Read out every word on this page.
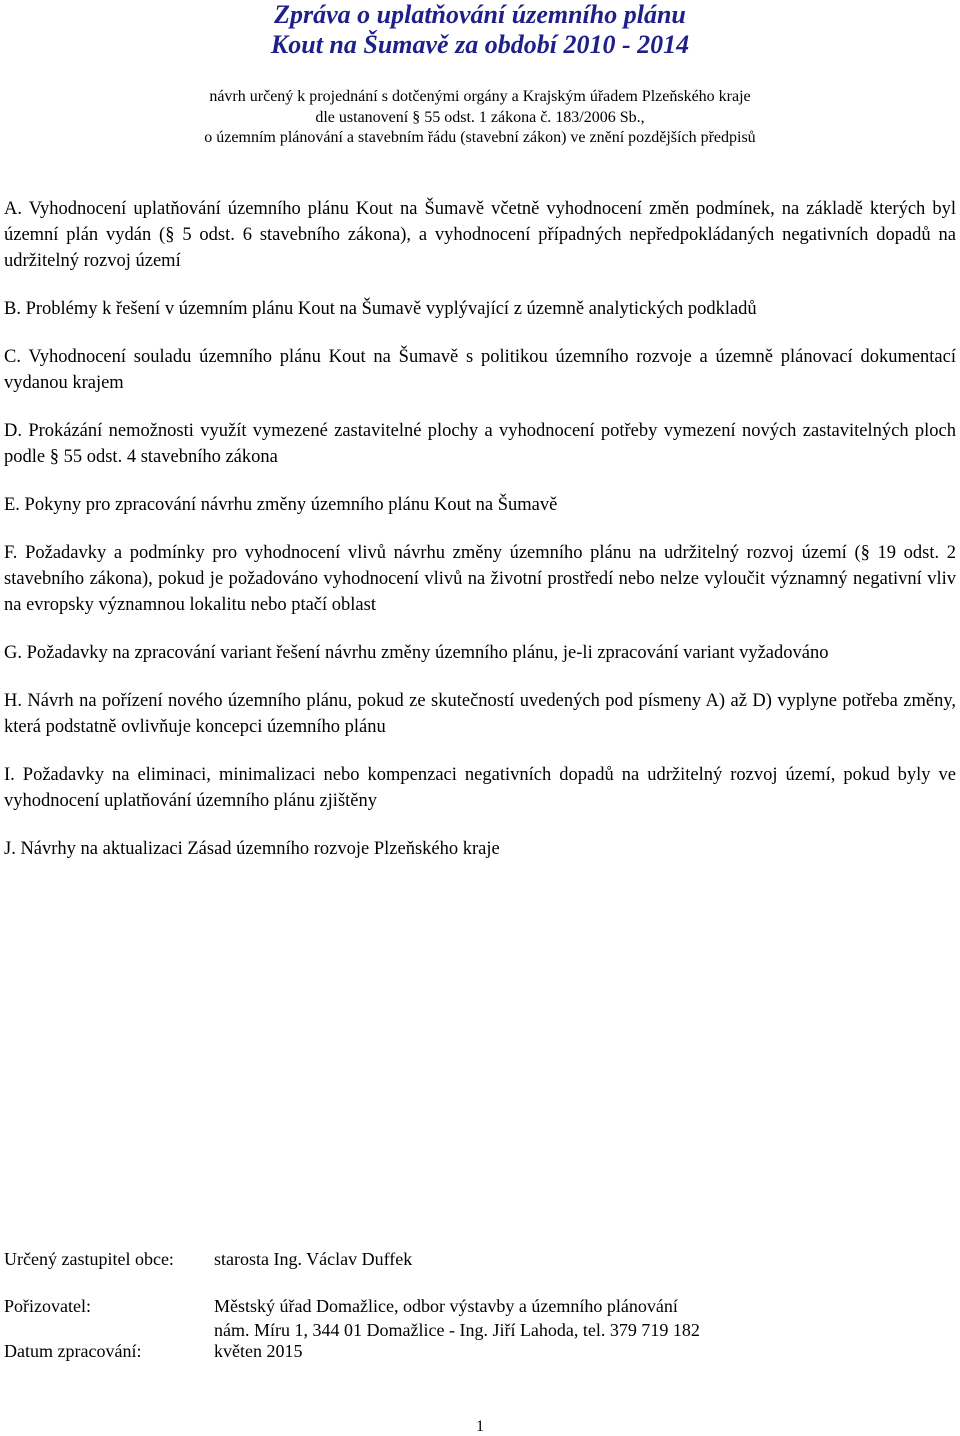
Zpráva o uplatňování územního plánu
Kout na Šumavě za období 2010 - 2014
návrh určený k projednání s dotčenými orgány a Krajským úřadem Plzeňského kraje
dle ustanovení § 55 odst. 1 zákona č. 183/2006 Sb.,
o územním plánování a stavebním řádu (stavební zákon) ve znění pozdějších předpisů

A. Vyhodnocení uplatňování územního plánu Kout na Šumavě včetně vyhodnocení změn podmínek, na základě kterých byl územní plán vydán (§ 5 odst. 6 stavebního zákona), a vyhodnocení případných nepředpokládaných negativních dopadů na udržitelný rozvoj území

B. Problémy k řešení v územním plánu Kout na Šumavě vyplývající z územně analytických podkladů

C. Vyhodnocení souladu územního plánu Kout na Šumavě s politikou územního rozvoje a územně plánovací dokumentací vydanou krajem

D. Prokázání nemožnosti využít vymezené zastavitelné plochy a vyhodnocení potřeby vymezení nových zastavitelných ploch podle § 55 odst. 4 stavebního zákona

E. Pokyny pro zpracování návrhu změny územního plánu Kout na Šumavě

F. Požadavky a podmínky pro vyhodnocení vlivů návrhu změny územního plánu na udržitelný rozvoj území (§ 19 odst. 2 stavebního zákona), pokud je požadováno vyhodnocení vlivů na životní prostředí nebo nelze vyloučit významný negativní vliv na evropsky významnou lokalitu nebo ptačí oblast

G. Požadavky na zpracování variant řešení návrhu změny územního plánu, je-li zpracování variant vyžadováno

H. Návrh na pořízení nového územního plánu, pokud ze skutečností uvedených pod písmeny A) až D) vyplyne potřeba změny, která podstatně ovlivňuje koncepci územního plánu

I. Požadavky na eliminaci, minimalizaci nebo kompenzaci negativních dopadů na udržitelný rozvoj území, pokud byly ve vyhodnocení uplatňování územního plánu zjištěny

J. Návrhy na aktualizaci Zásad územního rozvoje Plzeňského kraje

Určený zastupitel obce: starosta Ing. Václav Duffek
Pořizovatel:	Městský úřad Domažlice, odbor výstavby a územního plánování
nám. Míru 1, 344 01 Domažlice - Ing. Jiří Lahoda, tel. 379 719 182
Datum zpracování:	květen 2015
1
